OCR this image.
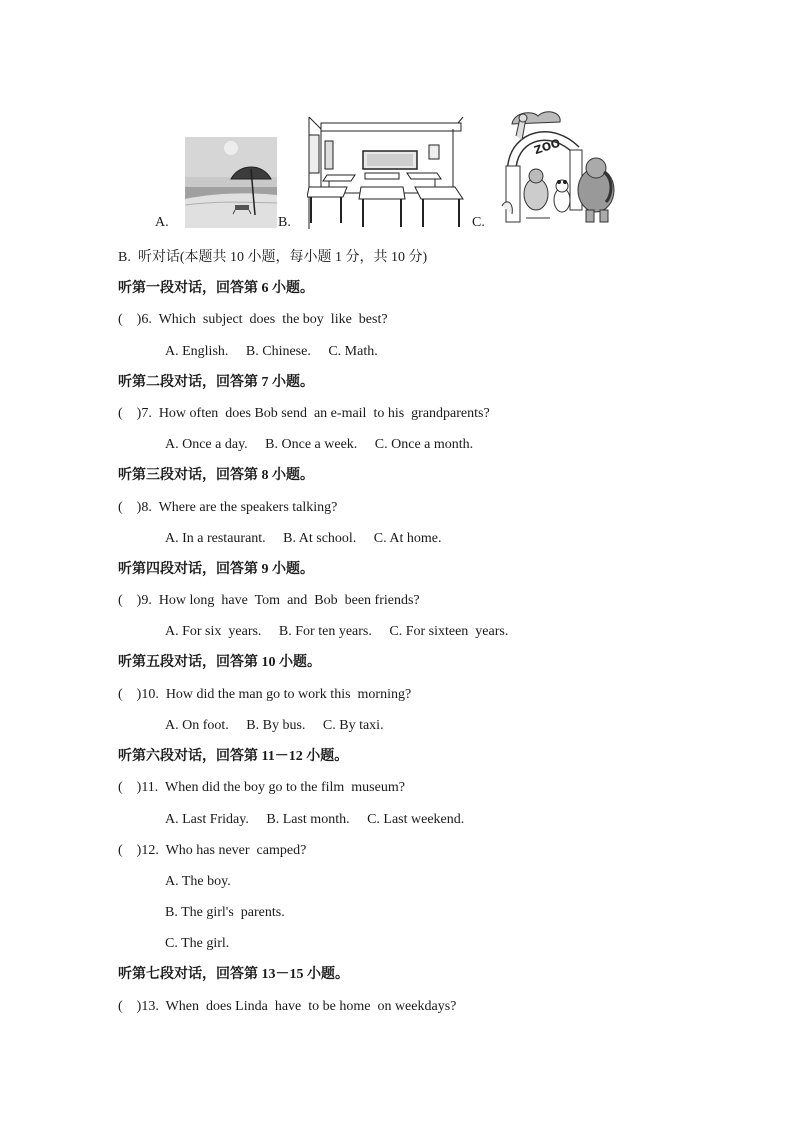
A.	B.	C.
ZOO
B.  听对话(本题共 10 小题，每小题 1 分，共 10 分)
听第一段对话，回答第 6 小题。
(    )6.  Which  subject  does  the boy  like  best?
A. English.     B. Chinese.     C. Math.
听第二段对话，回答第 7 小题。
(    )7.  How often  does Bob send  an e-mail  to his  grandparents?
A. Once a day.     B. Once a week.     C. Once a month.
听第三段对话，回答第 8 小题。
(    )8.  Where are the speakers talking?
A. In a restaurant.     B. At school.     C. At home.
听第四段对话，回答第 9 小题。
(    )9.  How long  have  Tom  and  Bob  been friends?
A. For six  years.     B. For ten years.     C. For sixteen  years.
听第五段对话，回答第 10 小题。
(    )10.  How did the man go to work this  morning?
A. On foot.     B. By bus.     C. By taxi.
听第六段对话，回答第 11－12 小题。
(    )11.  When did the boy go to the film  museum?
A. Last Friday.     B. Last month.     C. Last weekend.
(    )12.  Who has never  camped?
A. The boy.
B. The girl's  parents.
C. The girl.
听第七段对话，回答第 13－15 小题。
(    )13.  When  does Linda  have  to be home  on weekdays?
